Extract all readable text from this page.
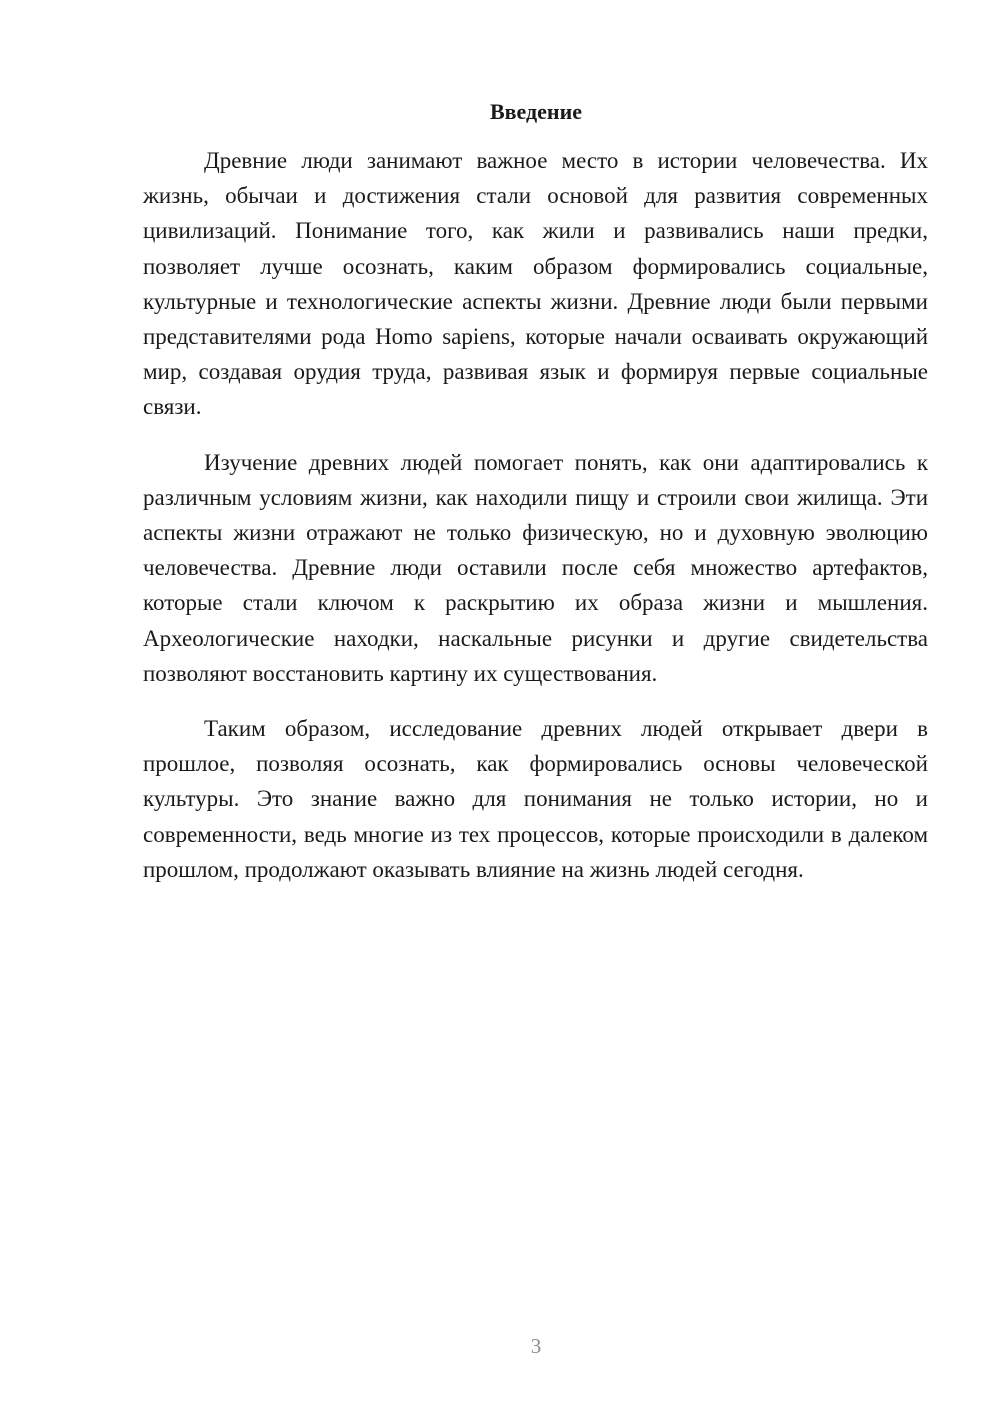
Введение

Древние люди занимают важное место в истории человечества. Их жизнь, обычаи и достижения стали основой для развития современных цивилизаций. Понимание того, как жили и развивались наши предки, позволяет лучше осознать, каким образом формировались социальные, культурные и технологические аспекты жизни. Древние люди были первыми представителями рода Homo sapiens, которые начали осваивать окружающий мир, создавая орудия труда, развивая язык и формируя первые социальные связи.

Изучение древних людей помогает понять, как они адаптировались к различным условиям жизни, как находили пищу и строили свои жилища. Эти аспекты жизни отражают не только физическую, но и духовную эволюцию человечества. Древние люди оставили после себя множество артефактов, которые стали ключом к раскрытию их образа жизни и мышления. Археологические находки, наскальные рисунки и другие свидетельства позволяют восстановить картину их существования.

Таким образом, исследование древних людей открывает двери в прошлое, позволяя осознать, как формировались основы человеческой культуры. Это знание важно для понимания не только истории, но и современности, ведь многие из тех процессов, которые происходили в далеком прошлом, продолжают оказывать влияние на жизнь людей сегодня.

3
